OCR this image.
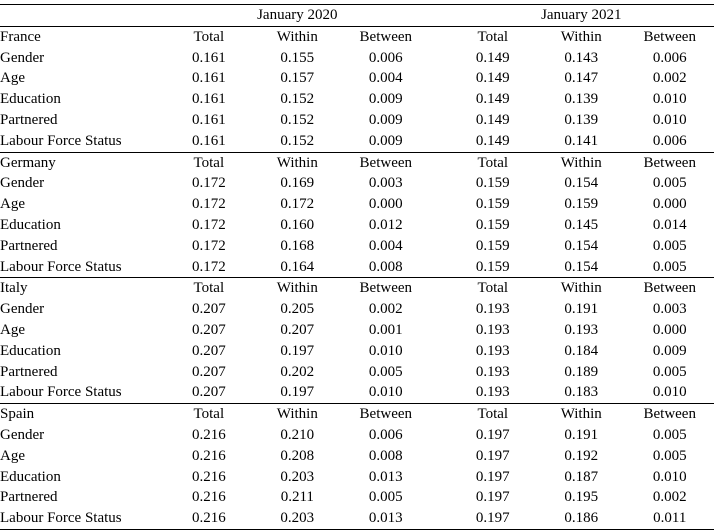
	January 2020				January 2021		
France	Total	Within	Between		Total	Within	Between
Gender	0.161	0.155	0.006		0.149	0.143	0.006
Age	0.161	0.157	0.004		0.149	0.147	0.002
Education	0.161	0.152	0.009		0.149	0.139	0.010
Partnered	0.161	0.152	0.009		0.149	0.139	0.010
Labour Force Status	0.161	0.152	0.009		0.149	0.141	0.006
Germany	Total	Within	Between		Total	Within	Between
Gender	0.172	0.169	0.003		0.159	0.154	0.005
Age	0.172	0.172	0.000		0.159	0.159	0.000
Education	0.172	0.160	0.012		0.159	0.145	0.014
Partnered	0.172	0.168	0.004		0.159	0.154	0.005
Labour Force Status	0.172	0.164	0.008		0.159	0.154	0.005
Italy	Total	Within	Between		Total	Within	Between
Gender	0.207	0.205	0.002		0.193	0.191	0.003
Age	0.207	0.207	0.001		0.193	0.193	0.000
Education	0.207	0.197	0.010		0.193	0.184	0.009
Partnered	0.207	0.202	0.005		0.193	0.189	0.005
Labour Force Status	0.207	0.197	0.010		0.193	0.183	0.010
Spain	Total	Within	Between		Total	Within	Between
Gender	0.216	0.210	0.006		0.197	0.191	0.005
Age	0.216	0.208	0.008		0.197	0.192	0.005
Education	0.216	0.203	0.013		0.197	0.187	0.010
Partnered	0.216	0.211	0.005		0.197	0.195	0.002
Labour Force Status	0.216	0.203	0.013		0.197	0.186	0.011
